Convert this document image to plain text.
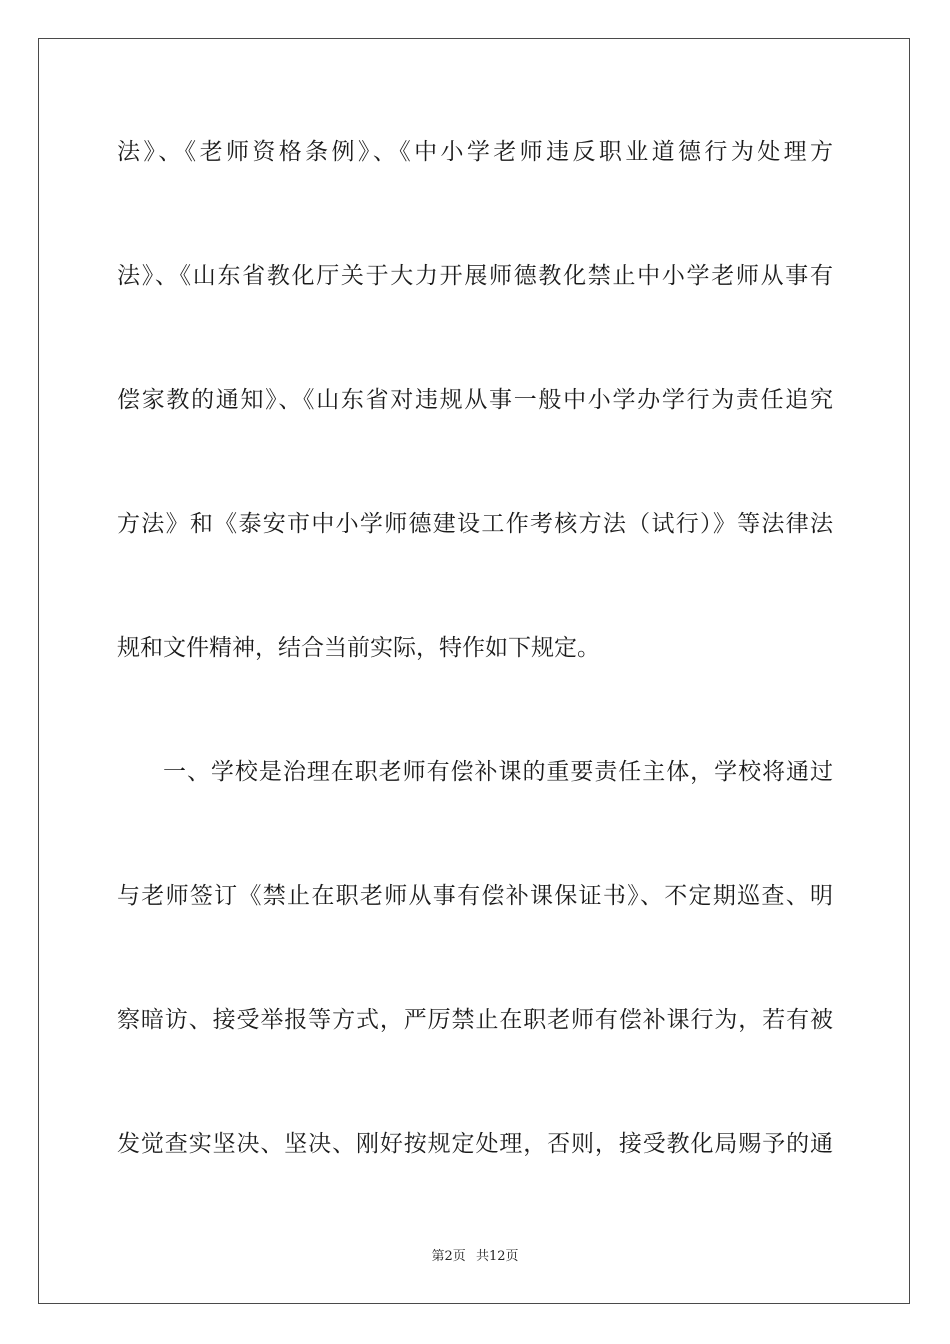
法》、《老师资格条例》、《中小学老师违反职业道德行为处理方
法》、《山东省教化厅关于大力开展师德教化禁止中小学老师从事有
偿家教的通知》、《山东省对违规从事一般中小学办学行为责任追究
方法》和《泰安市中小学师德建设工作考核方法（试行）》等法律法
规和文件精神，结合当前实际，特作如下规定。
一、学校是治理在职老师有偿补课的重要责任主体，学校将通过
与老师签订《禁止在职老师从事有偿补课保证书》、不定期巡查、明
察暗访、接受举报等方式，严厉禁止在职老师有偿补课行为，若有被
发觉查实坚决、坚决、刚好按规定处理，否则，接受教化局赐予的通
第2页 共12页
